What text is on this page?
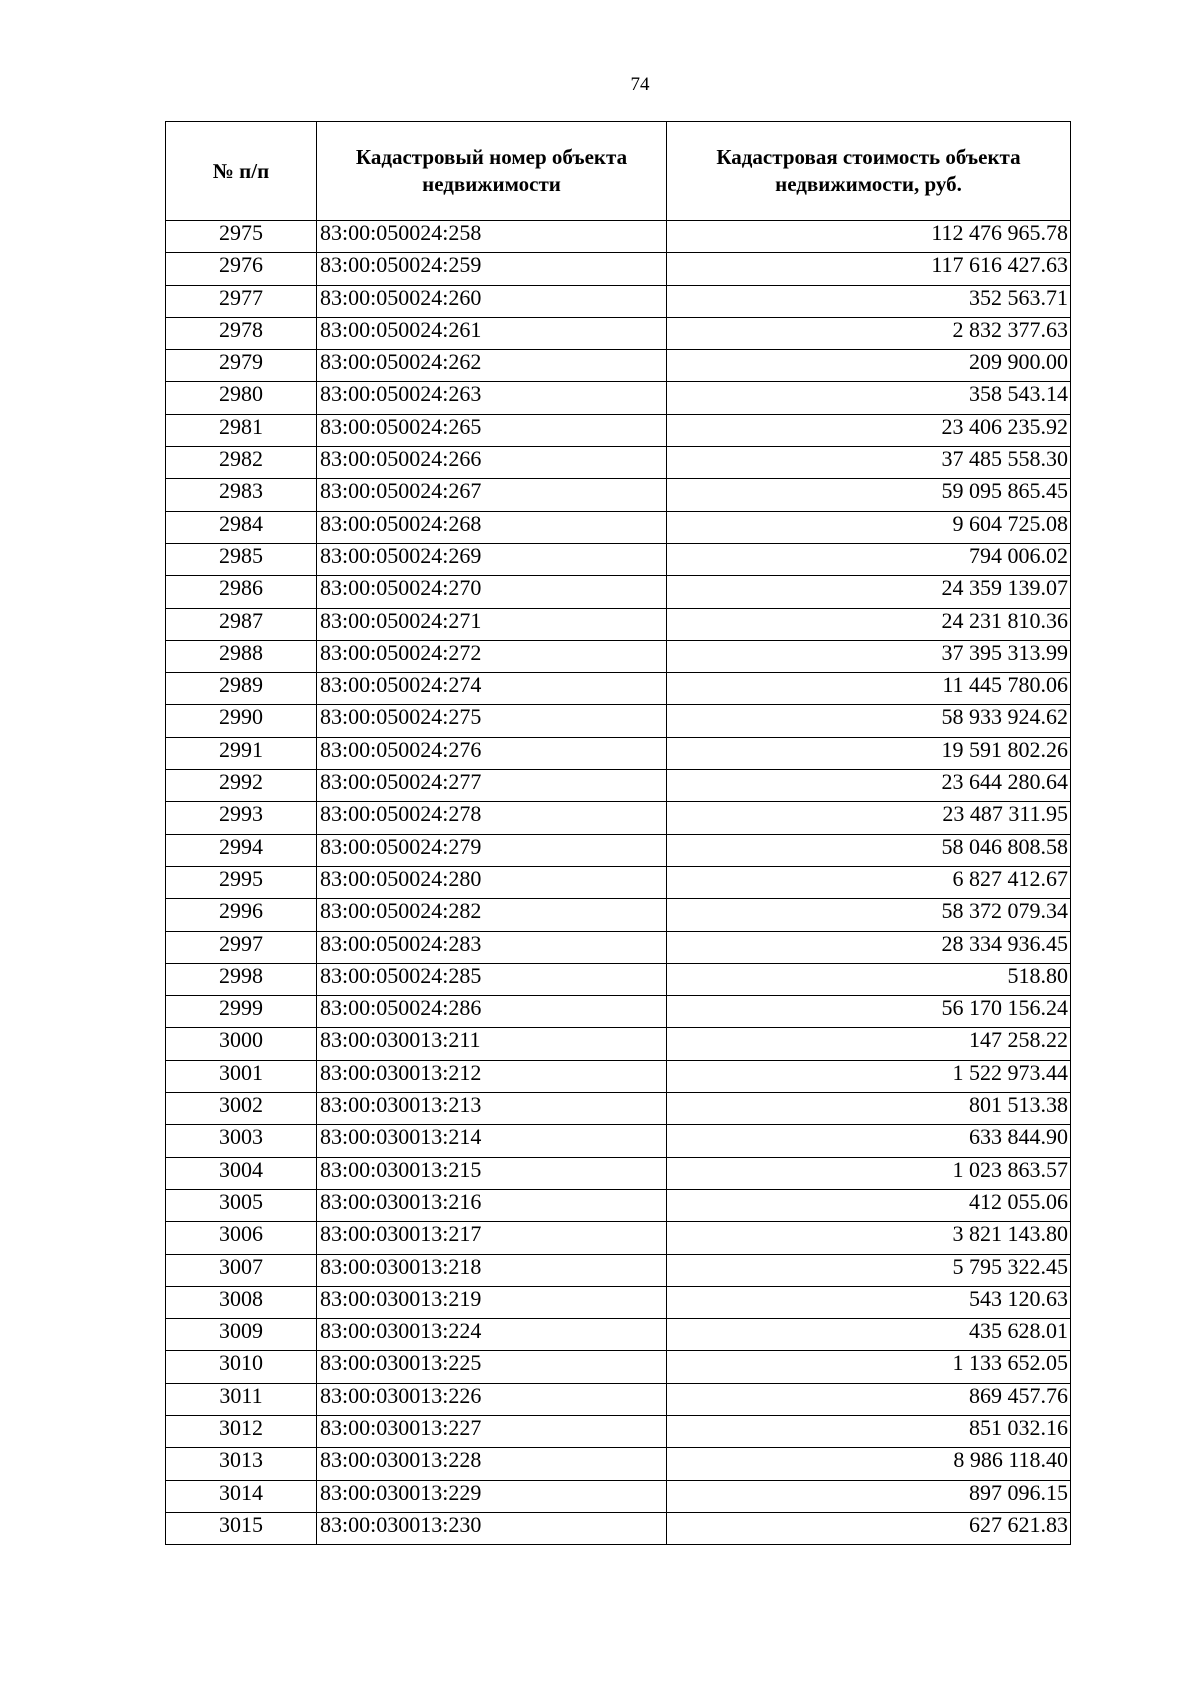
74
№ п/п	Кадастровый номер объекта недвижимости	Кадастровая стоимость объекта недвижимости, руб.
2975	83:00:050024:258	112 476 965.78
2976	83:00:050024:259	117 616 427.63
2977	83:00:050024:260	352 563.71
2978	83:00:050024:261	2 832 377.63
2979	83:00:050024:262	209 900.00
2980	83:00:050024:263	358 543.14
2981	83:00:050024:265	23 406 235.92
2982	83:00:050024:266	37 485 558.30
2983	83:00:050024:267	59 095 865.45
2984	83:00:050024:268	9 604 725.08
2985	83:00:050024:269	794 006.02
2986	83:00:050024:270	24 359 139.07
2987	83:00:050024:271	24 231 810.36
2988	83:00:050024:272	37 395 313.99
2989	83:00:050024:274	11 445 780.06
2990	83:00:050024:275	58 933 924.62
2991	83:00:050024:276	19 591 802.26
2992	83:00:050024:277	23 644 280.64
2993	83:00:050024:278	23 487 311.95
2994	83:00:050024:279	58 046 808.58
2995	83:00:050024:280	6 827 412.67
2996	83:00:050024:282	58 372 079.34
2997	83:00:050024:283	28 334 936.45
2998	83:00:050024:285	518.80
2999	83:00:050024:286	56 170 156.24
3000	83:00:030013:211	147 258.22
3001	83:00:030013:212	1 522 973.44
3002	83:00:030013:213	801 513.38
3003	83:00:030013:214	633 844.90
3004	83:00:030013:215	1 023 863.57
3005	83:00:030013:216	412 055.06
3006	83:00:030013:217	3 821 143.80
3007	83:00:030013:218	5 795 322.45
3008	83:00:030013:219	543 120.63
3009	83:00:030013:224	435 628.01
3010	83:00:030013:225	1 133 652.05
3011	83:00:030013:226	869 457.76
3012	83:00:030013:227	851 032.16
3013	83:00:030013:228	8 986 118.40
3014	83:00:030013:229	897 096.15
3015	83:00:030013:230	627 621.83
